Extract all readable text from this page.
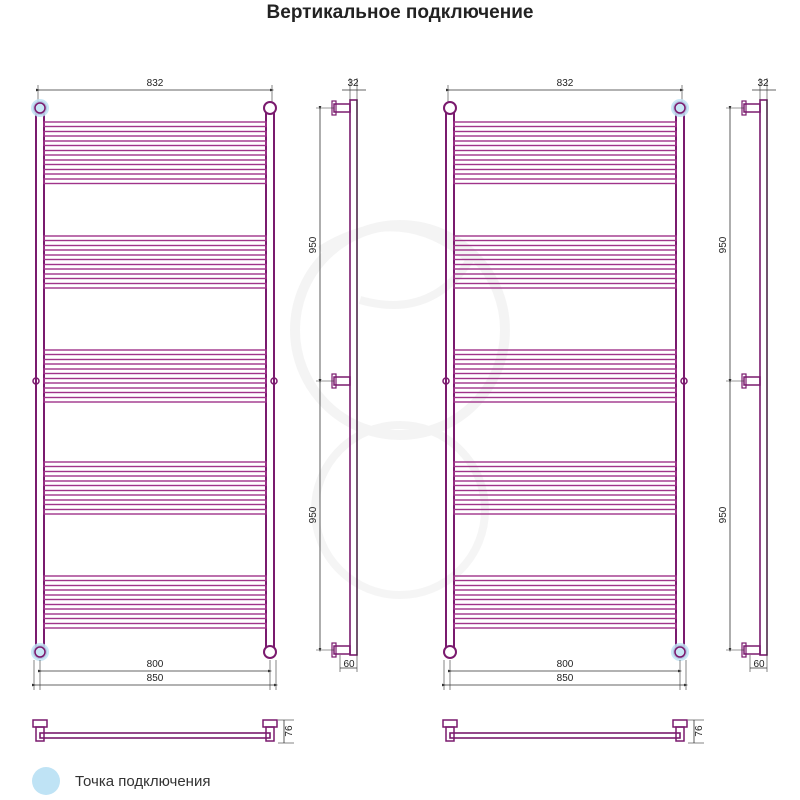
Вертикальное подключение
832
800
850
832
800
850
32
950
950
60
32
950
950
60
76	76
Точка подключения
